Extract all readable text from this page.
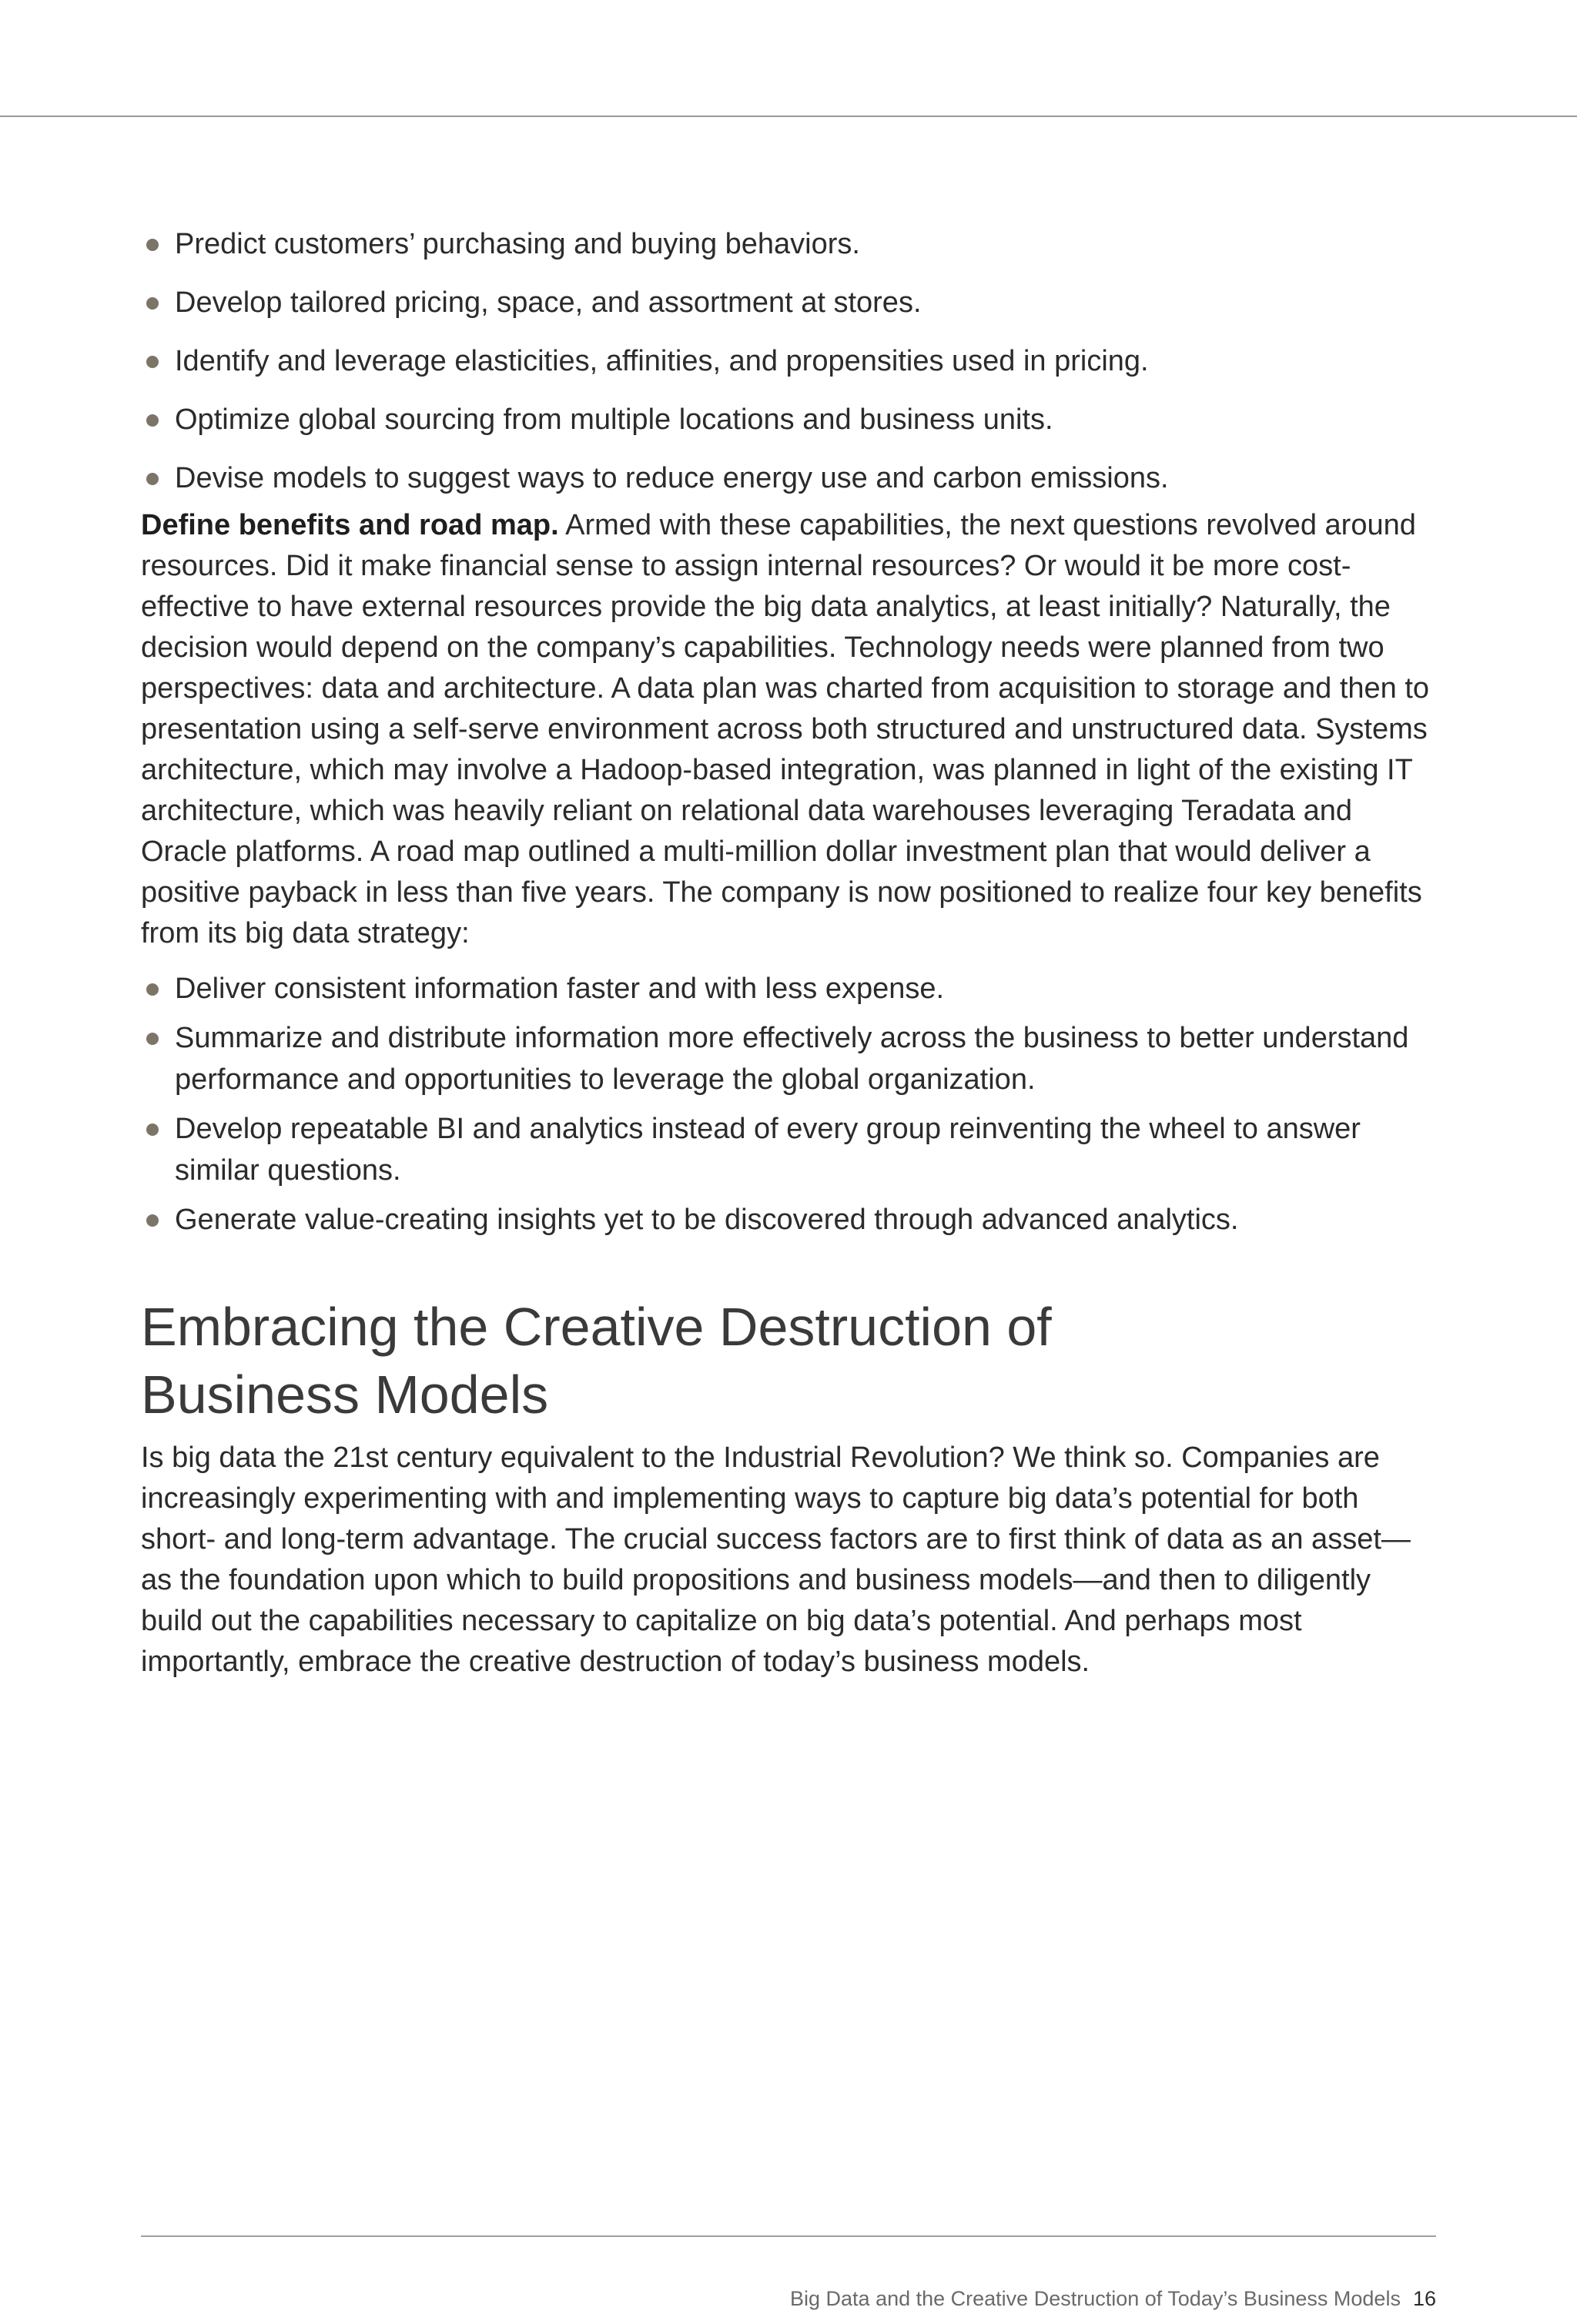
Predict customers’ purchasing and buying behaviors.
Develop tailored pricing, space, and assortment at stores.
Identify and leverage elasticities, affinities, and propensities used in pricing.
Optimize global sourcing from multiple locations and business units.
Devise models to suggest ways to reduce energy use and carbon emissions.

Define benefits and road map. Armed with these capabilities, the next questions revolved around resources. Did it make financial sense to assign internal resources? Or would it be more cost-effective to have external resources provide the big data analytics, at least initially? Naturally, the decision would depend on the company’s capabilities. Technology needs were planned from two perspectives: data and architecture. A data plan was charted from acquisition to storage and then to presentation using a self-serve environment across both structured and unstructured data. Systems architecture, which may involve a Hadoop-based integration, was planned in light of the existing IT architecture, which was heavily reliant on relational data warehouses leveraging Teradata and Oracle platforms. A road map outlined a multi-million dollar investment plan that would deliver a positive payback in less than five years. The company is now positioned to realize four key benefits from its big data strategy:

Deliver consistent information faster and with less expense.
Summarize and distribute information more effectively across the business to better understand performance and opportunities to leverage the global organization.
Develop repeatable BI and analytics instead of every group reinventing the wheel to answer similar questions.
Generate value-creating insights yet to be discovered through advanced analytics.
Embracing the Creative Destruction of Business Models

Is big data the 21st century equivalent to the Industrial Revolution? We think so. Companies are increasingly experimenting with and implementing ways to capture big data’s potential for both short- and long-term advantage. The crucial success factors are to first think of data as an asset—as the foundation upon which to build propositions and business models—and then to diligently build out the capabilities necessary to capitalize on big data’s potential. And perhaps most importantly, embrace the creative destruction of today’s business models.

Big Data and the Creative Destruction of Today’s Business Models 16
